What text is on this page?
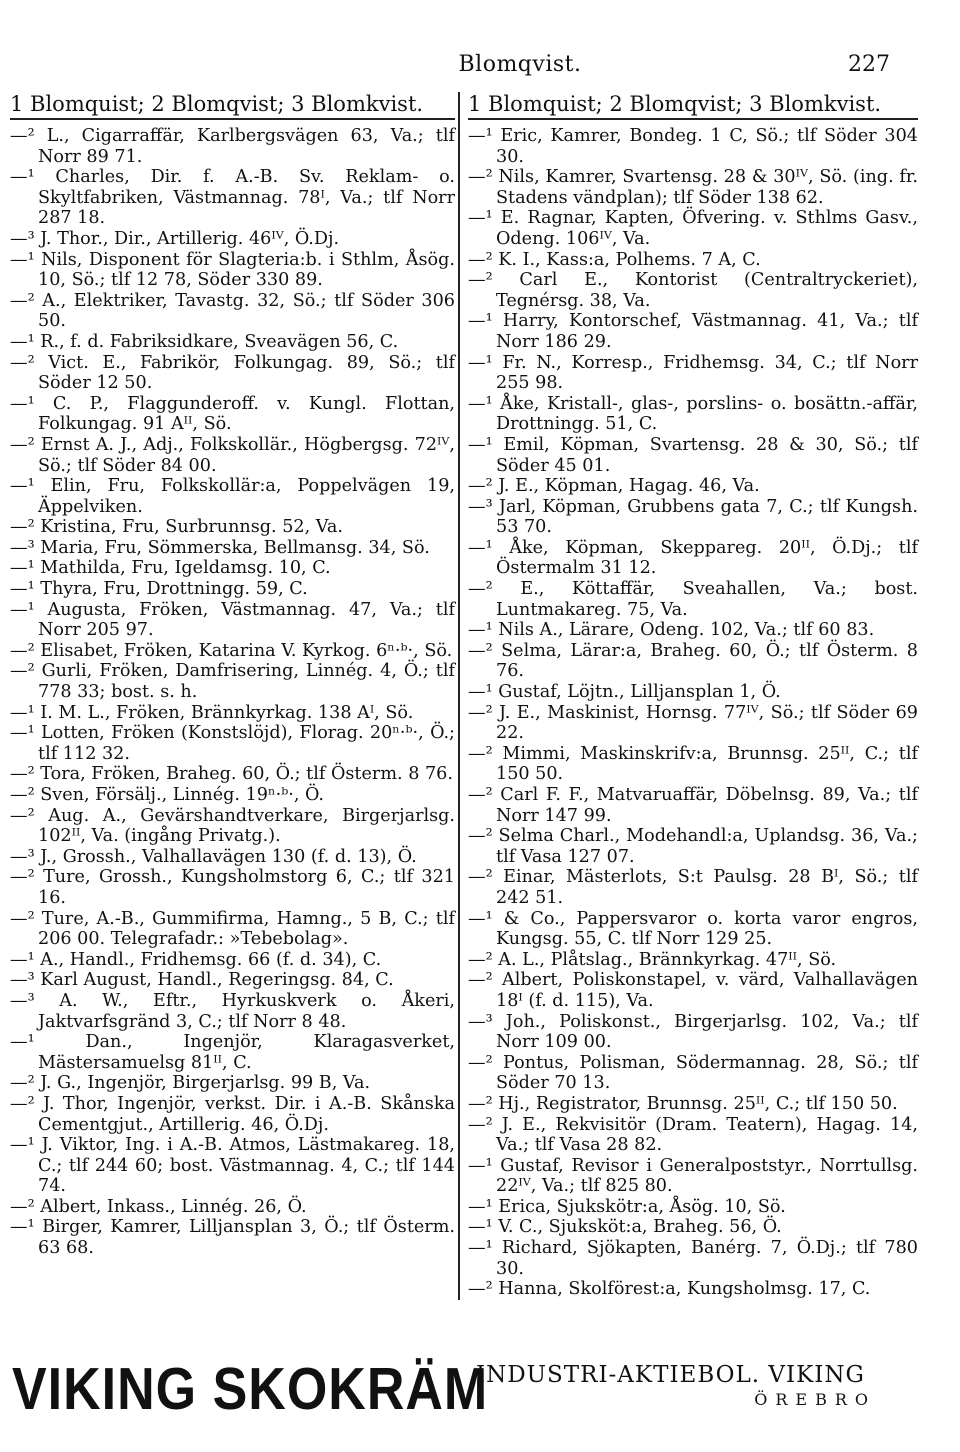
Blomqvist.	227
1 Blomquist; 2 Blomqvist; 3 Blomkvist.
—² L., Cigarraffär, Karlbergsvägen 63, Va.; tlf Norr 89 71.
—¹ Charles, Dir. f. A.-B. Sv. Reklam- o. Skyltfabriken, Västmannag. 78ᴵ, Va.; tlf Norr 287 18.
—³ J. Thor., Dir., Artillerig. 46ᴵⱽ, Ö.Dj.
—¹ Nils, Disponent för Slagteria:b. i Sthlm, Åsög. 10, Sö.; tlf 12 78, Söder 330 89.
—² A., Elektriker, Tavastg. 32, Sö.; tlf Söder 306 50.
—¹ R., f. d. Fabriksidkare, Sveavägen 56, C.
—² Vict. E., Fabrikör, Folkungag. 89, Sö.; tlf Söder 12 50.
—¹ C. P., Flaggunderoff. v. Kungl. Flottan, Folkungag. 91 Aᴵᴵ, Sö.
—² Ernst A. J., Adj., Folkskollär., Högbergsg. 72ᴵⱽ, Sö.; tlf Söder 84 00.
—¹ Elin, Fru, Folkskollär:a, Poppelvägen 19, Äppelviken.
—² Kristina, Fru, Surbrunnsg. 52, Va.
—³ Maria, Fru, Sömmerska, Bellmansg. 34, Sö.
—¹ Mathilda, Fru, Igeldamsg. 10, C.
—¹ Thyra, Fru, Drottningg. 59, C.
—¹ Augusta, Fröken, Västmannag. 47, Va.; tlf Norr 205 97.
—² Elisabet, Fröken, Katarina V. Kyrkog. 6ⁿ·ᵇ·, Sö.
—² Gurli, Fröken, Damfrisering, Linnég. 4, Ö.; tlf 778 33; bost. s. h.
—¹ I. M. L., Fröken, Brännkyrkag. 138 Aᴵ, Sö.
—¹ Lotten, Fröken (Konstslöjd), Florag. 20ⁿ·ᵇ·, Ö.; tlf 112 32.
—² Tora, Fröken, Braheg. 60, Ö.; tlf Österm. 8 76.
—² Sven, Försälj., Linnég. 19ⁿ·ᵇ·, Ö.
—² Aug. A., Gevärshandtverkare, Birgerjarlsg. 102ᴵᴵ, Va. (ingång Privatg.).
—³ J., Grossh., Valhallavägen 130 (f. d. 13), Ö.
—² Ture, Grossh., Kungsholmstorg 6, C.; tlf 321 16.
—² Ture, A.-B., Gummifirma, Hamng., 5 B, C.; tlf 206 00. Telegrafadr.: »Tebebolag».
—¹ A., Handl., Fridhemsg. 66 (f. d. 34), C.
—³ Karl August, Handl., Regeringsg. 84, C.
—³ A. W., Eftr., Hyrkuskverk o. Åkeri, Jaktvarfsgränd 3, C.; tlf Norr 8 48.
—¹ Dan., Ingenjör, Klaragasverket, Mästersamuelsg 81ᴵᴵ, C.
—² J. G., Ingenjör, Birgerjarlsg. 99 B, Va.
—² J. Thor, Ingenjör, verkst. Dir. i A.-B. Skånska Cementgjut., Artillerig. 46, Ö.Dj.
—¹ J. Viktor, Ing. i A.-B. Atmos, Lästmakareg. 18, C.; tlf 244 60; bost. Västmannag. 4, C.; tlf 144 74.
—² Albert, Inkass., Linnég. 26, Ö.
—¹ Birger, Kamrer, Lilljansplan 3, Ö.; tlf Österm. 63 68.
1 Blomquist; 2 Blomqvist; 3 Blomkvist.
—¹ Eric, Kamrer, Bondeg. 1 C, Sö.; tlf Söder 304 30.
—² Nils, Kamrer, Svartensg. 28 & 30ᴵⱽ, Sö. (ing. fr. Stadens vändplan); tlf Söder 138 62.
—¹ E. Ragnar, Kapten, Öfvering. v. Sthlms Gasv., Odeng. 106ᴵⱽ, Va.
—² K. I., Kass:a, Polhems. 7 A, C.
—² Carl E., Kontorist (Centraltryckeriet), Tegnérsg. 38, Va.
—¹ Harry, Kontorschef, Västmannag. 41, Va.; tlf Norr 186 29.
—¹ Fr. N., Korresp., Fridhemsg. 34, C.; tlf Norr 255 98.
—¹ Åke, Kristall-, glas-, porslins- o. bosättn.-affär, Drottningg. 51, C.
—¹ Emil, Köpman, Svartensg. 28 & 30, Sö.; tlf Söder 45 01.
—² J. E., Köpman, Hagag. 46, Va.
—³ Jarl, Köpman, Grubbens gata 7, C.; tlf Kungsh. 53 70.
—¹ Åke, Köpman, Skeppareg. 20ᴵᴵ, Ö.Dj.; tlf Östermalm 31 12.
—² E., Köttaffär, Sveahallen, Va.; bost. Luntmakareg. 75, Va.
—¹ Nils A., Lärare, Odeng. 102, Va.; tlf 60 83.
—² Selma, Lärar:a, Braheg. 60, Ö.; tlf Österm. 8 76.
—¹ Gustaf, Löjtn., Lilljansplan 1, Ö.
—² J. E., Maskinist, Hornsg. 77ᴵⱽ, Sö.; tlf Söder 69 22.
—² Mimmi, Maskinskrifv:a, Brunnsg. 25ᴵᴵ, C.; tlf 150 50.
—² Carl F. F., Matvaruaffär, Döbelnsg. 89, Va.; tlf Norr 147 99.
—² Selma Charl., Modehandl:a, Uplandsg. 36, Va.; tlf Vasa 127 07.
—² Einar, Mästerlots, S:t Paulsg. 28 Bᴵ, Sö.; tlf 242 51.
—¹ & Co., Pappersvaror o. korta varor engros, Kungsg. 55, C. tlf Norr 129 25.
—² A. L., Plåtslag., Brännkyrkag. 47ᴵᴵ, Sö.
—² Albert, Poliskonstapel, v. värd, Valhallavägen 18ᴵ (f. d. 115), Va.
—³ Joh., Poliskonst., Birgerjarlsg. 102, Va.; tlf Norr 109 00.
—² Pontus, Polisman, Södermannag. 28, Sö.; tlf Söder 70 13.
—² Hj., Registrator, Brunnsg. 25ᴵᴵ, C.; tlf 150 50.
—² J. E., Rekvisitör (Dram. Teatern), Hagag. 14, Va.; tlf Vasa 28 82.
—¹ Gustaf, Revisor i Generalpoststyr., Norrtullsg. 22ᴵⱽ, Va.; tlf 825 80.
—¹ Erica, Sjukskötr:a, Åsög. 10, Sö.
—¹ V. C., Sjuksköt:a, Braheg. 56, Ö.
—¹ Richard, Sjökapten, Banérg. 7, Ö.Dj.; tlf 780 30.
—² Hanna, Skolförest:a, Kungsholmsg. 17, C.
VIKING SKOKRÄM
INDUSTRI-AKTIEBOL. VIKING
ÖREBRO
